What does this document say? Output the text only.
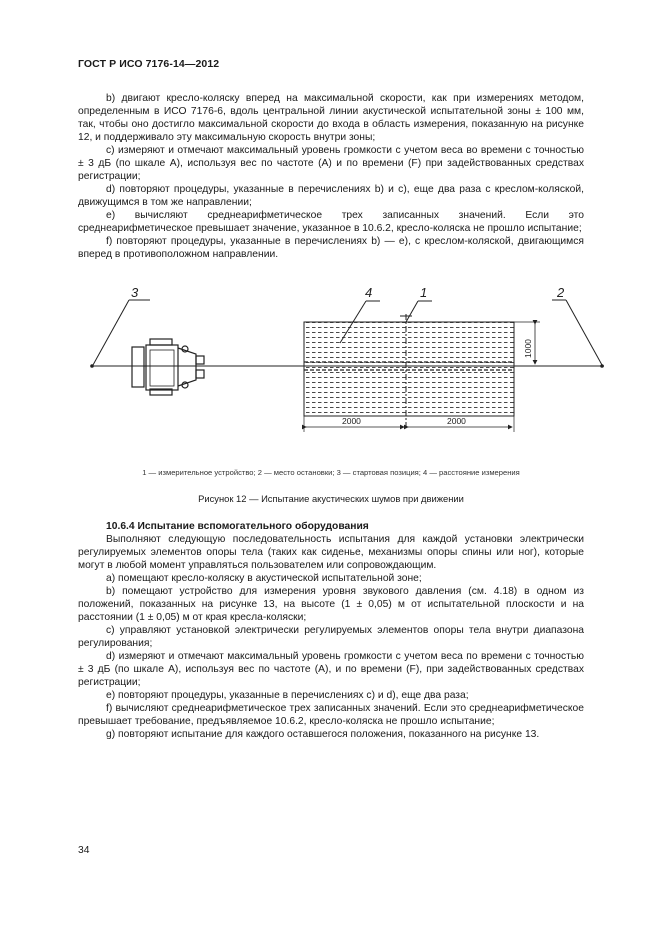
ГОСТ Р ИСО 7176-14—2012

b) двигают кресло-коляску вперед на максимальной скорости, как при измерениях методом, определенным в ИСО 7176-6, вдоль центральной линии акустической испытательной зоны ± 100 мм, так, чтобы оно достигло максимальной скорости до входа в область измерения, показанную на рисунке 12, и поддерживало эту максимальную скорость внутри зоны;

c) измеряют и отмечают максимальный уровень громкости с учетом веса во времени с точностью ± 3 дБ (по шкале A), используя вес по частоте (A) и по времени (F) при задействованных средствах регистрации;

d) повторяют процедуры, указанные в перечислениях b) и c), еще два раза с креслом-коляской, движущимся в том же направлении;

e) вычисляют среднеарифметическое трех записанных значений. Если это среднеарифметическое превышает значение, указанное в 10.6.2, кресло-коляска не прошло испытание;

f) повторяют процедуры, указанные в перечислениях b) — e), с креслом-коляской, двигающимся вперед в противоположном направлении.

3	4	1	2
1000
2000	2000
1 — измерительное устройство; 2 — место остановки; 3 — стартовая позиция; 4 — расстояние измерения
Рисунок 12 — Испытание акустических шумов при движении
10.6.4 Испытание вспомогательного оборудования

Выполняют следующую последовательность испытания для каждой установки электрически регулируемых элементов опоры тела (таких как сиденье, механизмы опоры спины или ног), которые могут в любой момент управляться пользователем или сопровождающим.

a) помещают кресло-коляску в акустической испытательной зоне;

b) помещают устройство для измерения уровня звукового давления (см. 4.18) в одном из положений, показанных на рисунке 13, на высоте (1 ± 0,05) м от испытательной плоскости и на расстоянии (1 ± 0,05) м от края кресла-коляски;

c) управляют установкой электрически регулируемых элементов опоры тела внутри диапазона регулирования;

d) измеряют и отмечают максимальный уровень громкости с учетом веса по времени с точностью ± 3 дБ (по шкале A), используя вес по частоте (A), и по времени (F), при задействованных средствах регистрации;

e) повторяют процедуры, указанные в перечислениях c) и d), еще два раза;

f) вычисляют среднеарифметическое трех записанных значений. Если это среднеарифметическое превышает требование, предъявляемое 10.6.2, кресло-коляска не прошло испытание;

g) повторяют испытание для каждого оставшегося положения, показанного на рисунке 13.

34
